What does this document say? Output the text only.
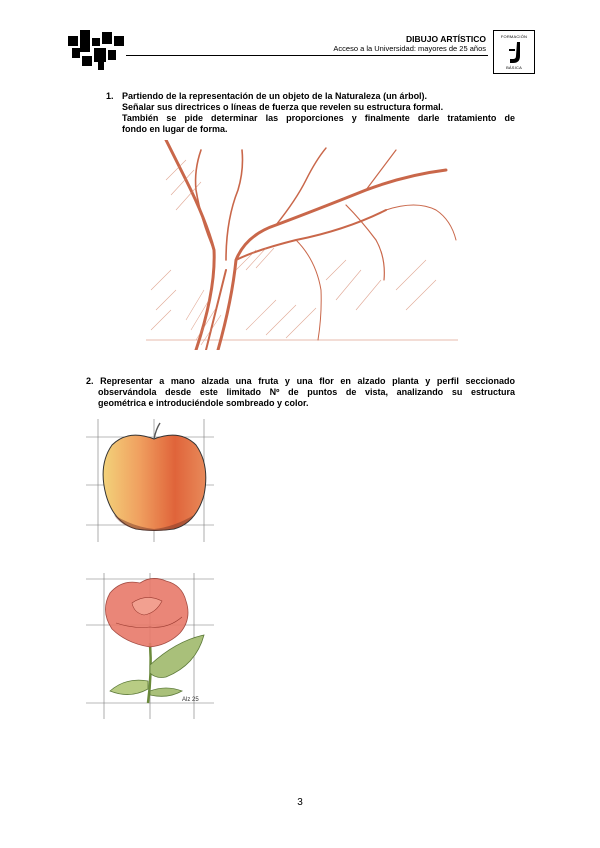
DIBUJO ARTÍSTICO
Acceso a la Universidad: mayores de 25 años
FORMACIÓN
BÁSICA
1. Partiendo de la representación de un objeto de la Naturaleza (un árbol).
Señalar sus directrices o líneas de fuerza que revelen su estructura formal.
También se pide determinar las proporciones y finalmente darle tratamiento de
fondo en lugar de forma.
2. Representar a mano alzada una fruta y una flor en alzado planta y perfil seccionado
observándola desde este limitado Nº de puntos de vista, analizando su estructura
geométrica e introduciéndole sombreado y color.
Alz 25
3
